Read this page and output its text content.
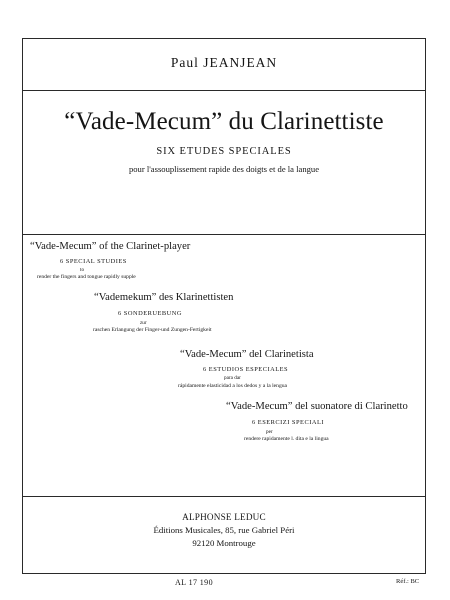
Paul JEANJEAN
“Vade-Mecum” du Clarinettiste
SIX ETUDES SPECIALES
pour l'assouplissement rapide des doigts et de la langue
“Vade-Mecum” of the Clarinet-player
6 SPECIAL STUDIES
to
render the fingers and tongue rapidly supple
“Vademekum” des Klarinettisten
6 SONDERUEBUNG
zur
raschen Erlangung der Finger-und Zungen-Fertigkeit
“Vade-Mecum” del Clarinetista
6 ESTUDIOS ESPECIALES
para dar
rápidamente elasticidad a los dedos y a la lengua
“Vade-Mecum” del suonatore di Clarinetto
6 ESERCIZI SPECIALI
per
rendere rapidamente l. dita e la lingua
ALPHONSE LEDUC
Éditions Musicales, 85, rue Gabriel Péri
92120 Montrouge
AL 17 190	Réf.: BC
